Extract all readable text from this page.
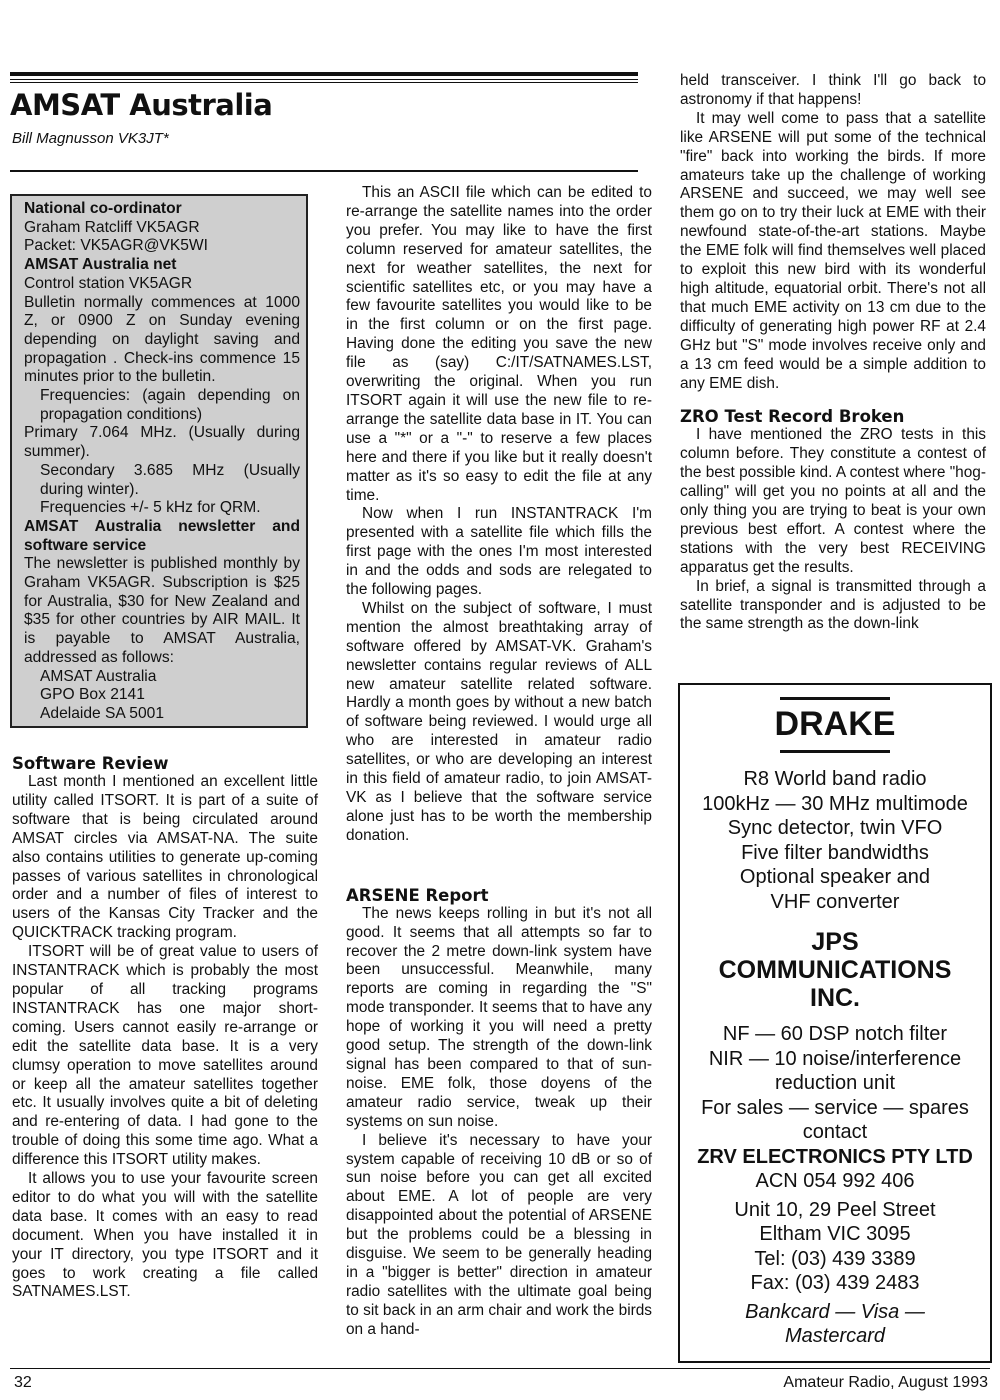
AMSAT Australia
Bill Magnusson VK3JT*
National co-ordinator
Graham Ratcliff VK5AGR
Packet: VK5AGR@VK5WI
AMSAT Australia net
Control station VK5AGR
Bulletin normally commences at 1000 Z, or 0900 Z on Sunday evening depending on daylight saving and propagation . Check-ins commence 15 minutes prior to the bulletin.
Frequencies: (again depending on propagation conditions)
Primary 7.064 MHz. (Usually during summer).
Secondary 3.685 MHz (Usually during winter).
Frequencies +/- 5 kHz for QRM.
AMSAT Australia newsletter and software service
The newsletter is published monthly by Graham VK5AGR. Subscription is $25 for Australia, $30 for New Zealand and $35 for other countries by AIR MAIL. It is payable to AMSAT Australia, addressed as follows:
AMSAT Australia
GPO Box 2141
Adelaide SA 5001
Software Review

Last month I mentioned an excellent little utility called ITSORT. It is part of a suite of software that is being circulated around AMSAT circles via AMSAT-NA. The suite also contains utilities to generate up-coming passes of various satellites in chronological order and a number of files of interest to users of the Kansas City Tracker and the QUICKTRACK tracking program.

ITSORT will be of great value to users of INSTANTRACK which is probably the most popular of all tracking programs INSTANTRACK has one major short-coming. Users cannot easily re-arrange or edit the satellite data base. It is a very clumsy operation to move satellites around or keep all the amateur satellites together etc. It usually involves quite a bit of deleting and re-entering of data. I had gone to the trouble of doing this some time ago. What a difference this ITSORT utility makes.

It allows you to use your favourite screen editor to do what you will with the satellite data base. It comes with an easy to read document. When you have installed it in your IT directory, you type ITSORT and it goes to work creating a file called SATNAMES.LST.

This an ASCII file which can be edited to re-arrange the satellite names into the order you prefer. You may like to have the first column reserved for amateur satellites, the next for weather satellites, the next for scientific satellites etc, or you may have a few favourite satellites you would like to be in the first column or on the first page. Having done the editing you save the new file as (say) C:/IT/SATNAMES.LST, overwriting the original. When you run ITSORT again it will use the new file to re-arrange the satellite data base in IT. You can use a "*" or a "-" to reserve a few places here and there if you like but it really doesn't matter as it's so easy to edit the file at any time.

Now when I run INSTANTRACK I'm presented with a satellite file which fills the first page with the ones I'm most interested in and the odds and sods are relegated to the following pages.

Whilst on the subject of software, I must mention the almost breathtaking array of software offered by AMSAT-VK. Graham's newsletter contains regular reviews of ALL new amateur satellite related software. Hardly a month goes by without a new batch of software being reviewed. I would urge all who are interested in amateur radio satellites, or who are developing an interest in this field of amateur radio, to join AMSAT-VK as I believe that the software service alone just has to be worth the membership donation.

ARSENE Report

The news keeps rolling in but it's not all good. It seems that all attempts so far to recover the 2 metre down-link system have been unsuccessful. Meanwhile, many reports are coming in regarding the "S" mode transponder. It seems that to have any hope of working it you will need a pretty good setup. The strength of the down-link signal has been compared to that of sun-noise. EME folk, those doyens of the amateur radio service, tweak up their systems on sun noise.

I believe it's necessary to have your system capable of receiving 10 dB or so of sun noise before you can get all excited about EME. A lot of people are very disappointed about the potential of ARSENE but the problems could be a blessing in disguise. We seem to be generally heading in a "bigger is better" direction in amateur radio satellites with the ultimate goal being to sit back in an arm chair and work the birds on a hand-

held transceiver. I think I'll go back to astronomy if that happens!

It may well come to pass that a satellite like ARSENE will put some of the technical "fire" back into working the birds. If more amateurs take up the challenge of working ARSENE and succeed, we may well see them go on to try their luck at EME with their newfound state-of-the-art stations. Maybe the EME folk will find themselves well placed to exploit this new bird with its wonderful high altitude, equatorial orbit. There's not all that much EME activity on 13 cm due to the difficulty of generating high power RF at 2.4 GHz but "S" mode involves receive only and a 13 cm feed would be a simple addition to any EME dish.

ZRO Test Record Broken

I have mentioned the ZRO tests in this column before. They constitute a contest of the best possible kind. A contest where "hog-calling" will get you no points at all and the only thing you are trying to beat is your own previous best effort. A contest where the stations with the very best RECEIVING apparatus get the results.

In brief, a signal is transmitted through a satellite transponder and is adjusted to be the same strength as the down-link

DRAKE
R8 World band radio
100kHz — 30 MHz multimode
Sync detector, twin VFO
Five filter bandwidths
Optional speaker and
VHF converter
JPS
COMMUNICATIONS
INC.
NF — 60 DSP notch filter
NIR — 10 noise/interference
reduction unit
For sales — service — spares
contact
ZRV ELECTRONICS PTY LTD
ACN 054 992 406
Unit 10, 29 Peel Street
Eltham VIC 3095
Tel: (03) 439 3389
Fax: (03) 439 2483
Bankcard — Visa —
Mastercard
32	Amateur Radio, August 1993
